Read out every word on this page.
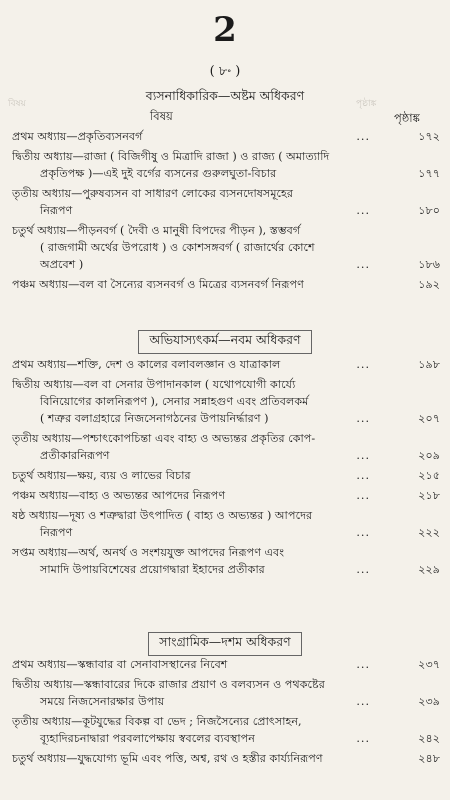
2
( ৮৽ )
বিষয়	পৃষ্ঠাঙ্ক
ব্যসনাধিকারিক—অষ্টম অধিকরণ
বিষয়	পৃষ্ঠাঙ্ক
প্রথম অধ্যায়—প্রকৃতিব্যসনবর্গ	...	১৭২
দ্বিতীয় অধ্যায়—রাজা ( বিজিগীষু ও মিত্রাদি রাজা ) ও রাজ্য ( অমাত্যাদি
প্রকৃতিপক্ষ )—এই দুই বর্গের ব্যসনের গুরুলঘুতা-বিচার	১৭৭
তৃতীয় অধ্যায়—পুরুষব্যসন বা সাধারণ লোকের ব্যসনদোষসমূহের
নিরূপণ	...	১৮০
চতুর্থ অধ্যায়—পীড়নবর্গ ( দৈবী ও মানুষী বিপদের পীড়ন ), স্তম্ভবর্গ
( রাজগামী অর্থের উপরোধ ) ও কোশসঙ্গবর্গ ( রাজার্থের কোশে
অপ্রবেশ )	...	১৮৬
পঞ্চম অধ্যায়—বল বা সৈন্যের ব্যসনবর্গ ও মিত্রের ব্যসনবর্গ নিরূপণ	১৯২
অভিযাস্যৎকর্ম—নবম অধিকরণ
প্রথম অধ্যায়—শক্তি, দেশ ও কালের বলাবলজ্ঞান ও যাত্রাকাল	...	১৯৮
দ্বিতীয় অধ্যায়—বল বা সেনার উপাদানকাল ( যথোপযোগী কার্য্যে
বিনিয়োগের কালনিরূপণ ), সেনার সন্নাহগুণ এবং প্রতিবলকর্ম
( শত্রুর বলাগ্রহারে নিজসেনাগঠনের উপায়নির্দ্ধারণ )	...	২০৭
তৃতীয় অধ্যায়—পশ্চাৎকোপচিন্তা এবং বাহ্য ও অভ্যন্তর প্রকৃতির কোপ-
প্রতীকারনিরূপণ	...	২০৯
চতুর্থ অধ্যায়—ক্ষয়, ব্যয় ও লাভের বিচার	...	২১৫
পঞ্চম অধ্যায়—বাহ্য ও অভ্যন্তর আপদের নিরূপণ	...	২১৮
ষষ্ঠ অধ্যায়—দূষ্য ও শত্রুদ্বারা উৎপাদিত ( বাহ্য ও অভ্যন্তর ) আপদের
নিরূপণ	...	২২২
সপ্তম অধ্যায়—অর্থ, অনর্থ ও সংশয়যুক্ত আপদের নিরূপণ এবং
সামাদি উপায়বিশেষের প্রয়োগদ্বারা ইহাদের প্রতীকার	...	২২৯
সাংগ্রামিক—দশম অধিকরণ
প্রথম অধ্যায়—স্কন্ধাবার বা সেনাবাসস্থানের নিবেশ	...	২৩৭
দ্বিতীয় অধ্যায়—স্কন্ধাবারের দিকে রাজার প্রয়াণ ও বলব্যসন ও পথকষ্টের
সময়ে নিজসেনারক্ষার উপায়	...	২৩৯
তৃতীয় অধ্যায়—কূটযুদ্ধের বিকল্প বা ভেদ ; নিজসৈন্যের প্রোৎসাহন,
ব্যূহাদিরচনাদ্বারা পরবলাপেক্ষায় স্ববলের ব্যবস্থাপন	...	২৪২
চতুর্থ অধ্যায়—যুদ্ধযোগ্য ভূমি এবং পত্তি, অশ্ব, রথ ও হস্তীর কার্য্যনিরূপণ	২৪৮
